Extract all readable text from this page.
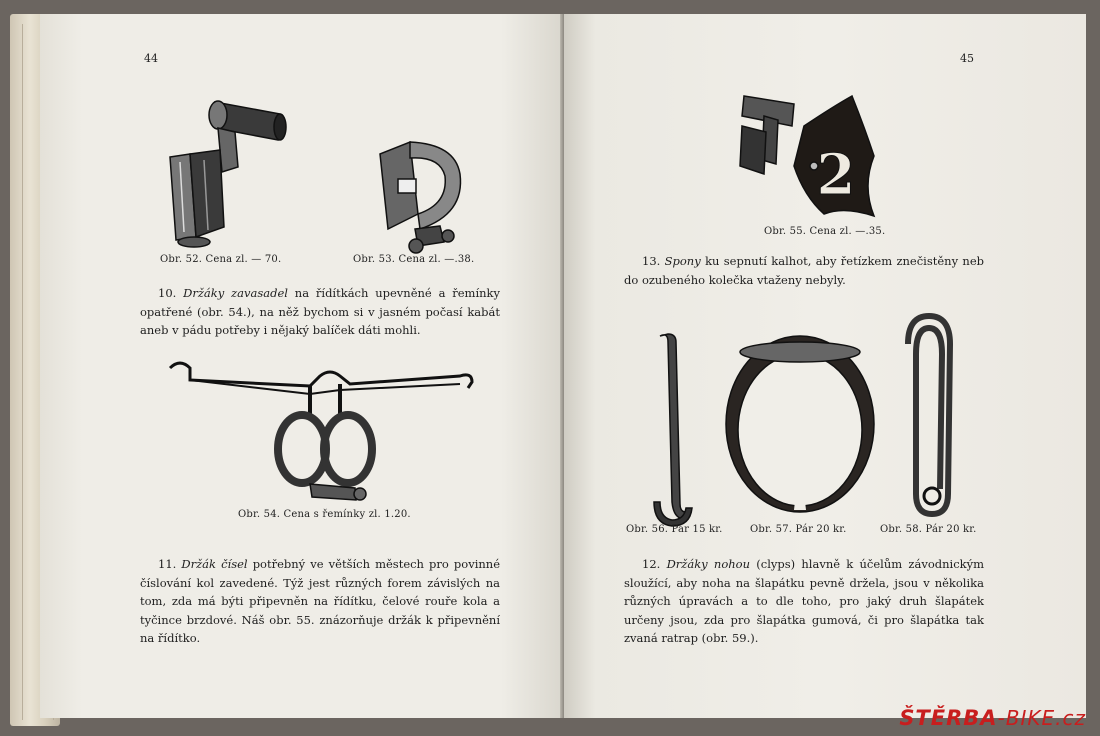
44
Obr. 52. Cena zl. — 70.	Obr. 53. Cena zl. —.38.
10. Držáky zavasadel na řídítkách upevněné a řemínky opatřené (obr. 54.), na něž bychom si v jasném počasí kabát aneb v pádu potřeby i nějaký balíček dáti mohli.
Obr. 54. Cena s řemínky zl. 1.20.
11. Držák čísel potřebný ve větších městech pro povinné číslování kol zavedené. Týž jest různých forem závislých na tom, zda má býti připevněn na řídítku, čelové rouře kola a tyčince brzdové. Náš obr. 55. znázorňuje držák k připevnění na řídítko.
45
2
Obr. 55. Cena zl. —.35.
13. Spony ku sepnutí kalhot, aby řetízkem znečistěny neb do ozubeného kolečka vtaženy nebyly.
Obr. 56. Pár 15 kr.	Obr. 57. Pár 20 kr.	Obr. 58. Pár 20 kr.
12. Držáky nohou (clyps) hlavně k účelům závodnickým sloužící, aby noha na šlapátku pevně držela, jsou v několika různých úpravách a to dle toho, pro jaký druh šlapátek určeny jsou, zda pro šlapátka gumová, či pro šlapátka tak zvaná ratrap (obr. 59.).
ŠTĚRBA-BIKE.cz
